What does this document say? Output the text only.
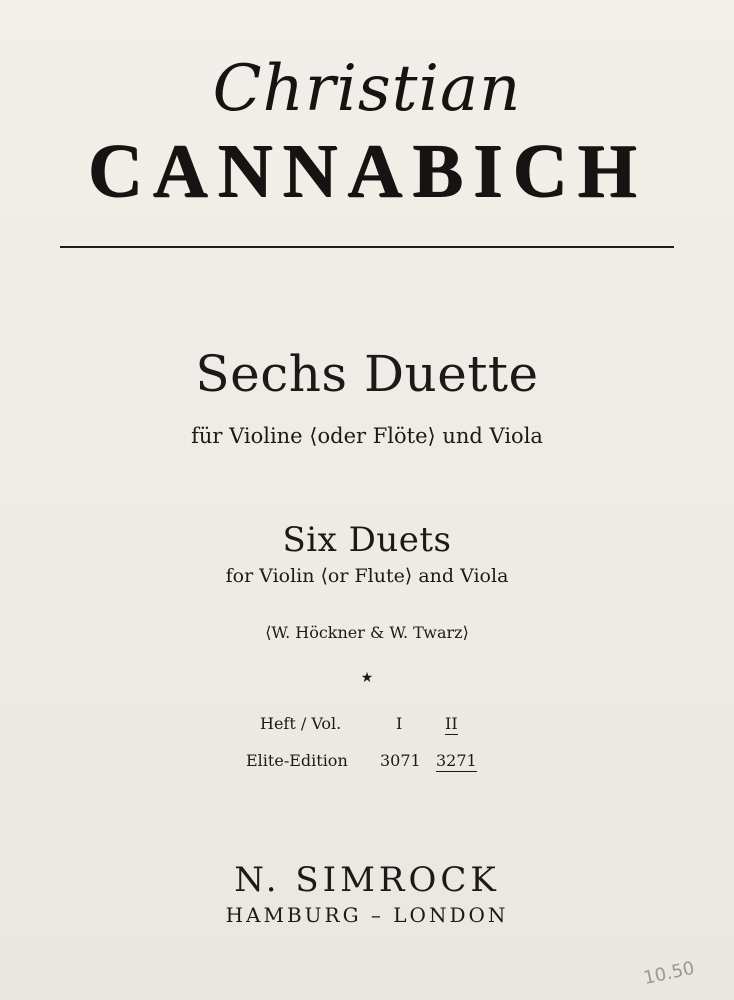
Christian
CANNABICH
Sechs Duette
für Violine ⟨oder Flöte⟩ und Viola
Six Duets
for Violin ⟨or Flute⟩ and Viola
⟨W. Höckner & W. Twarz⟩
★
Heft / Vol.	I	II
Elite-Edition 3071 3271
N. SIMROCK
HAMBURG – LONDON
10.50
